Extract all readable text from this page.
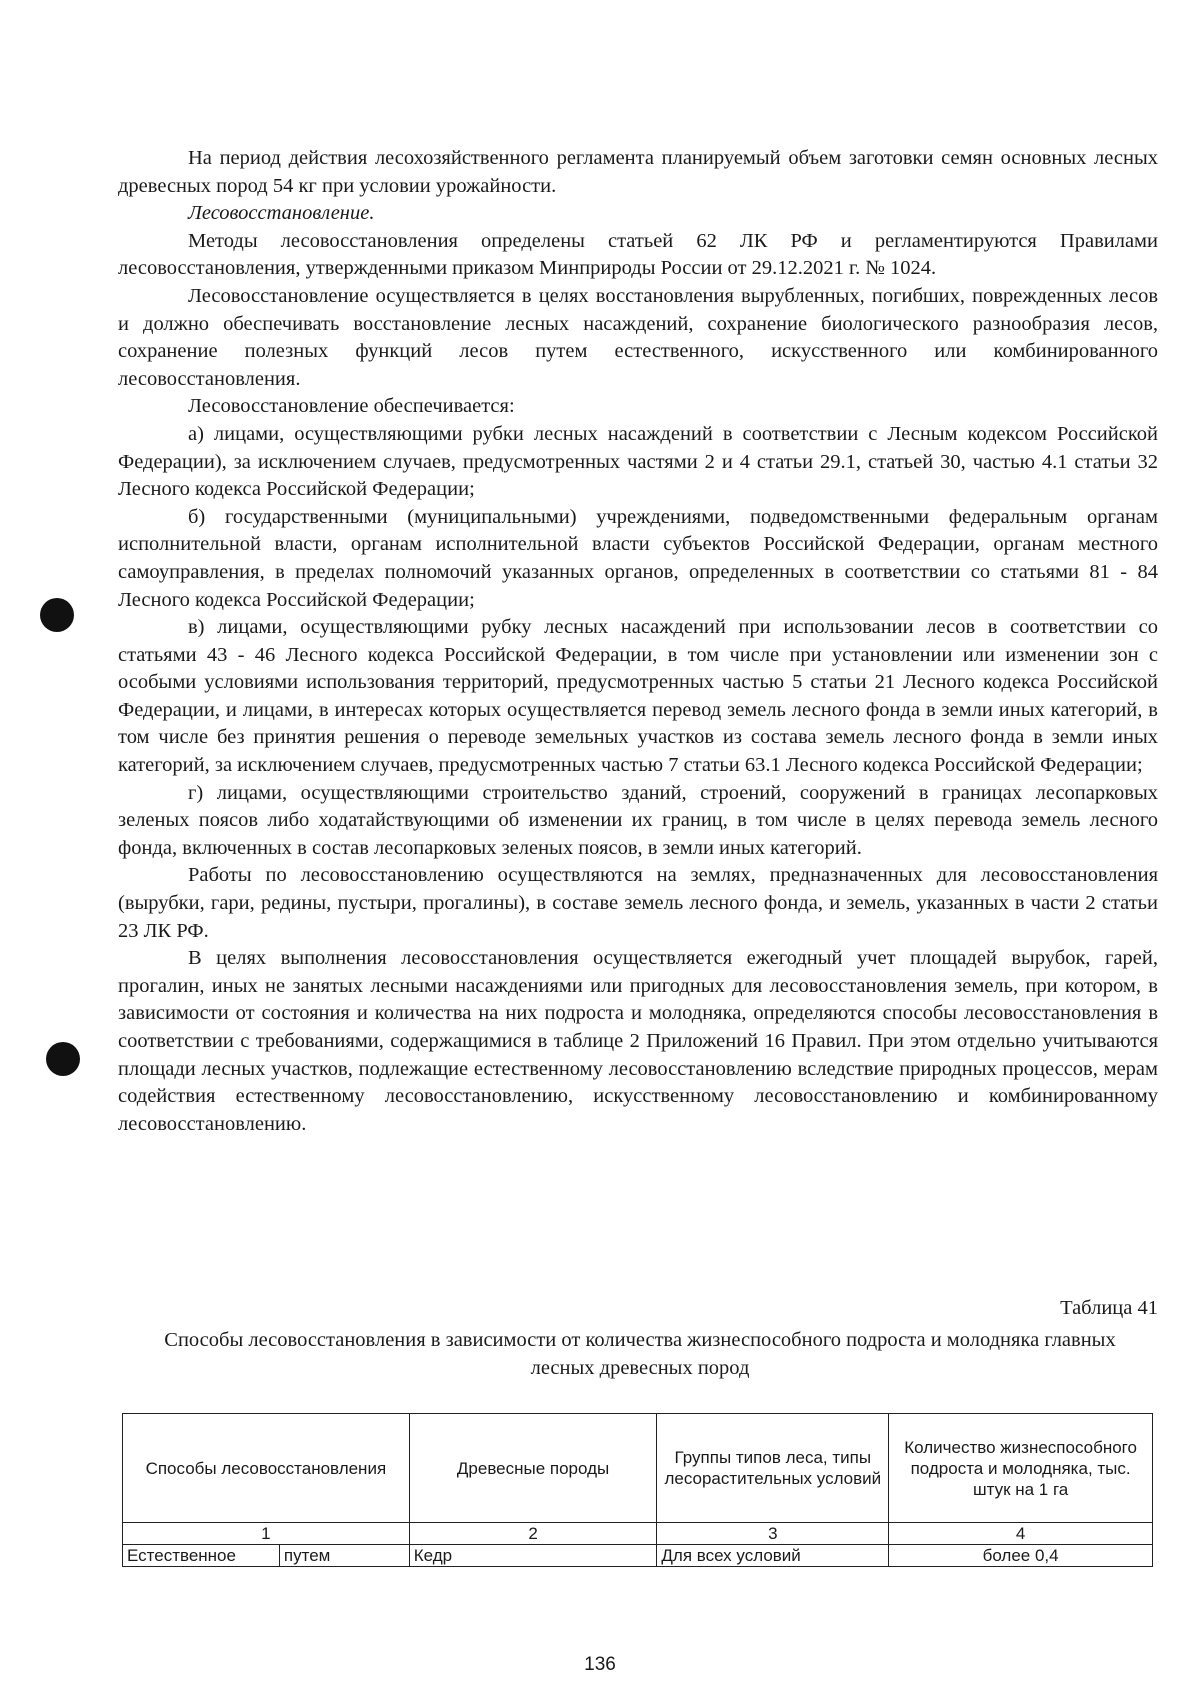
На период действия лесохозяйственного регламента планируемый объем заготовки семян основных лесных древесных пород 54 кг при условии урожайности.

Лесовосстановление.

Методы лесовосстановления определены статьей 62 ЛК РФ и регламентируются Правилами лесовосстановления, утвержденными приказом Минприроды России от 29.12.2021 г. № 1024.

Лесовосстановление осуществляется в целях восстановления вырубленных, погибших, поврежденных лесов и должно обеспечивать восстановление лесных насаждений, сохранение биологического разнообразия лесов, сохранение полезных функций лесов путем естественного, искусственного или комбинированного лесовосстановления.

Лесовосстановление обеспечивается:

а) лицами, осуществляющими рубки лесных насаждений в соответствии с Лесным кодексом Российской Федерации), за исключением случаев, предусмотренных частями 2 и 4 статьи 29.1, статьей 30, частью 4.1 статьи 32 Лесного кодекса Российской Федерации;

б) государственными (муниципальными) учреждениями, подведомственными федеральным органам исполнительной власти, органам исполнительной власти субъектов Российской Федерации, органам местного самоуправления, в пределах полномочий указанных органов, определенных в соответствии со статьями 81 - 84 Лесного кодекса Российской Федерации;

в) лицами, осуществляющими рубку лесных насаждений при использовании лесов в соответствии со статьями 43 - 46 Лесного кодекса Российской Федерации, в том числе при установлении или изменении зон с особыми условиями использования территорий, предусмотренных частью 5 статьи 21 Лесного кодекса Российской Федерации, и лицами, в интересах которых осуществляется перевод земель лесного фонда в земли иных категорий, в том числе без принятия решения о переводе земельных участков из состава земель лесного фонда в земли иных категорий, за исключением случаев, предусмотренных частью 7 статьи 63.1 Лесного кодекса Российской Федерации;

г) лицами, осуществляющими строительство зданий, строений, сооружений в границах лесопарковых зеленых поясов либо ходатайствующими об изменении их границ, в том числе в целях перевода земель лесного фонда, включенных в состав лесопарковых зеленых поясов, в земли иных категорий.

Работы по лесовосстановлению осуществляются на землях, предназначенных для лесовосстановления (вырубки, гари, редины, пустыри, прогалины), в составе земель лесного фонда, и земель, указанных в части 2 статьи 23 ЛК РФ.

В целях выполнения лесовосстановления осуществляется ежегодный учет площадей вырубок, гарей, прогалин, иных не занятых лесными насаждениями или пригодных для лесовосстановления земель, при котором, в зависимости от состояния и количества на них подроста и молодняка, определяются способы лесовосстановления в соответствии с требованиями, содержащимися в таблице 2 Приложений 16 Правил. При этом отдельно учитываются площади лесных участков, подлежащие естественному лесовосстановлению вследствие природных процессов, мерам содействия естественному лесовосстановлению, искусственному лесовосстановлению и комбинированному лесовосстановлению.

Таблица 41
Способы лесовосстановления в зависимости от количества жизнеспособного подроста и молодняка главных лесных древесных пород
Способы лесовосстановления		Древесные породы	Группы типов леса, типы лесорастительных условий	Количество жизнеспособного подроста и молодняка, тыс. штук на 1 га
1		2	3	4
Естественное	путем	Кедр	Для всех условий	более 0,4
136
